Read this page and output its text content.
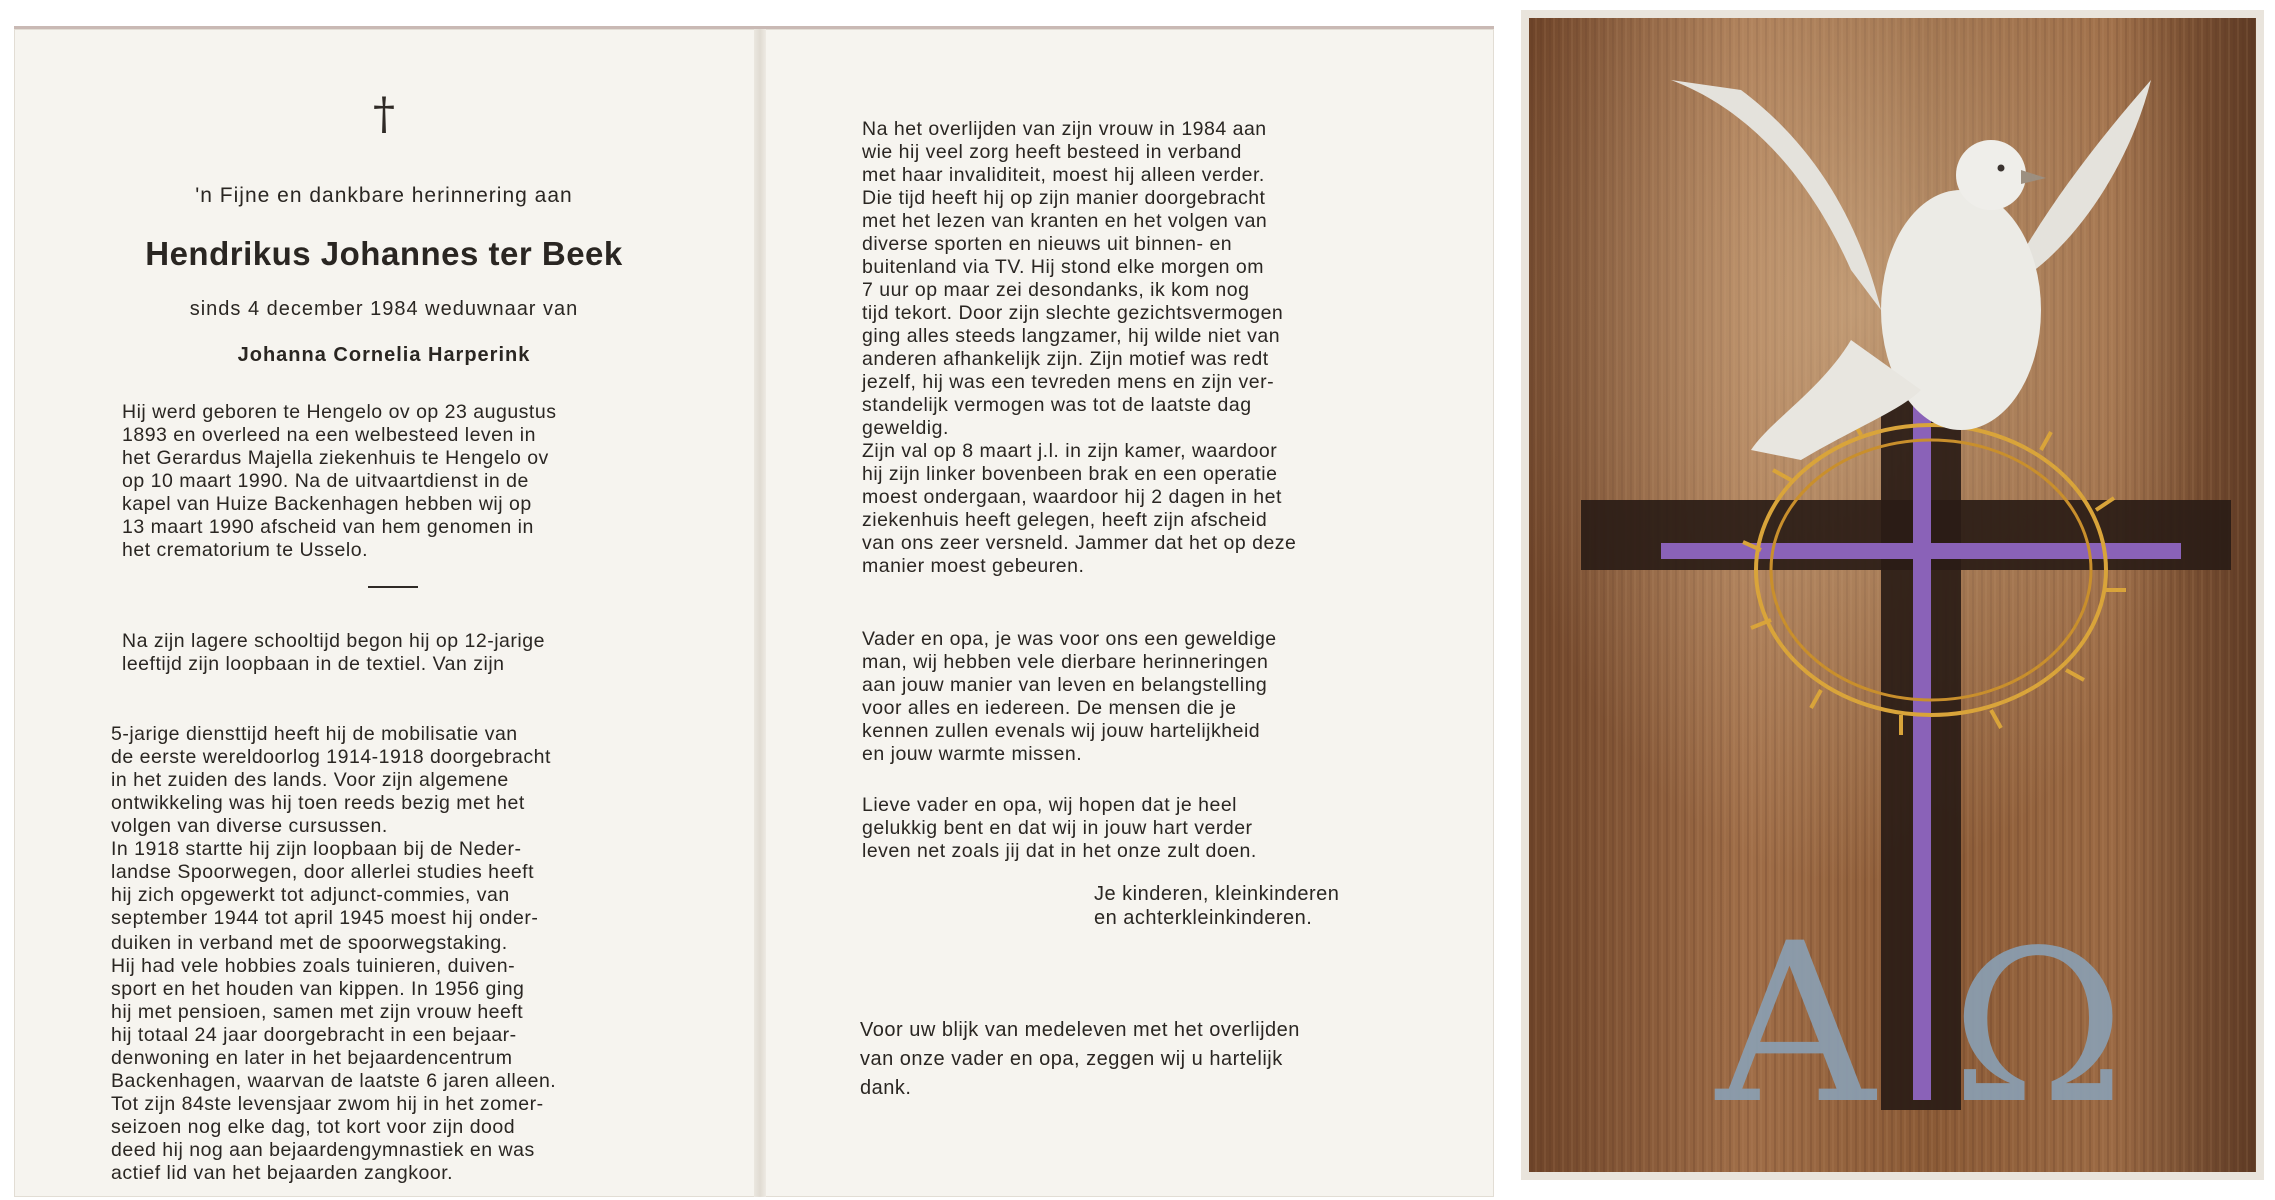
†
'n Fijne en dankbare herinnering aan
Hendrikus Johannes ter Beek
sinds 4 december 1984 weduwnaar van
Johanna Cornelia Harperink

Hij werd geboren te Hengelo ov op 23 augustus
1893 en overleed na een welbesteed leven in
het Gerardus Majella ziekenhuis te Hengelo ov
op 10 maart 1990. Na de uitvaartdienst in de
kapel van Huize Backenhagen hebben wij op
13 maart 1990 afscheid van hem genomen in
het crematorium te Usselo.

Na zijn lagere schooltijd begon hij op 12-jarige
leeftijd zijn loopbaan in de textiel. Van zijn

5-jarige diensttijd heeft hij de mobilisatie van
de eerste wereldoorlog 1914-1918 doorgebracht
in het zuiden des lands. Voor zijn algemene
ontwikkeling was hij toen reeds bezig met het
volgen van diverse cursussen.
In 1918 startte hij zijn loopbaan bij de Neder-
landse Spoorwegen, door allerlei studies heeft
hij zich opgewerkt tot adjunct-commies, van
september 1944 tot april 1945 moest hij onder-

duiken in verband met de spoorwegstaking.
Hij had vele hobbies zoals tuinieren, duiven-
sport en het houden van kippen. In 1956 ging
hij met pensioen, samen met zijn vrouw heeft
hij totaal 24 jaar doorgebracht in een bejaar-
denwoning en later in het bejaardencentrum
Backenhagen, waarvan de laatste 6 jaren alleen.
Tot zijn 84ste levensjaar zwom hij in het zomer-
seizoen nog elke dag, tot kort voor zijn dood
deed hij nog aan bejaardengymnastiek en was
actief lid van het bejaarden zangkoor.

Na het overlijden van zijn vrouw in 1984 aan
wie hij veel zorg heeft besteed in verband
met haar invaliditeit, moest hij alleen verder.
Die tijd heeft hij op zijn manier doorgebracht
met het lezen van kranten en het volgen van
diverse sporten en nieuws uit binnen- en
buitenland via TV. Hij stond elke morgen om
7 uur op maar zei desondanks, ik kom nog
tijd tekort. Door zijn slechte gezichtsvermogen
ging alles steeds langzamer, hij wilde niet van
anderen afhankelijk zijn. Zijn motief was redt
jezelf, hij was een tevreden mens en zijn ver-
standelijk vermogen was tot de laatste dag
geweldig.
Zijn val op 8 maart j.l. in zijn kamer, waardoor
hij zijn linker bovenbeen brak en een operatie
moest ondergaan, waardoor hij 2 dagen in het
ziekenhuis heeft gelegen, heeft zijn afscheid
van ons zeer versneld. Jammer dat het op deze
manier moest gebeuren.

Vader en opa, je was voor ons een geweldige
man, wij hebben vele dierbare herinneringen
aan jouw manier van leven en belangstelling
voor alles en iedereen. De mensen die je
kennen zullen evenals wij jouw hartelijkheid
en jouw warmte missen.

Lieve vader en opa, wij hopen dat je heel
gelukkig bent en dat wij in jouw hart verder
leven net zoals jij dat in het onze zult doen.

Je kinderen, kleinkinderen
en achterkleinkinderen.

Voor uw blijk van medeleven met het overlijden
van onze vader en opa, zeggen wij u hartelijk
dank.	A Ω
